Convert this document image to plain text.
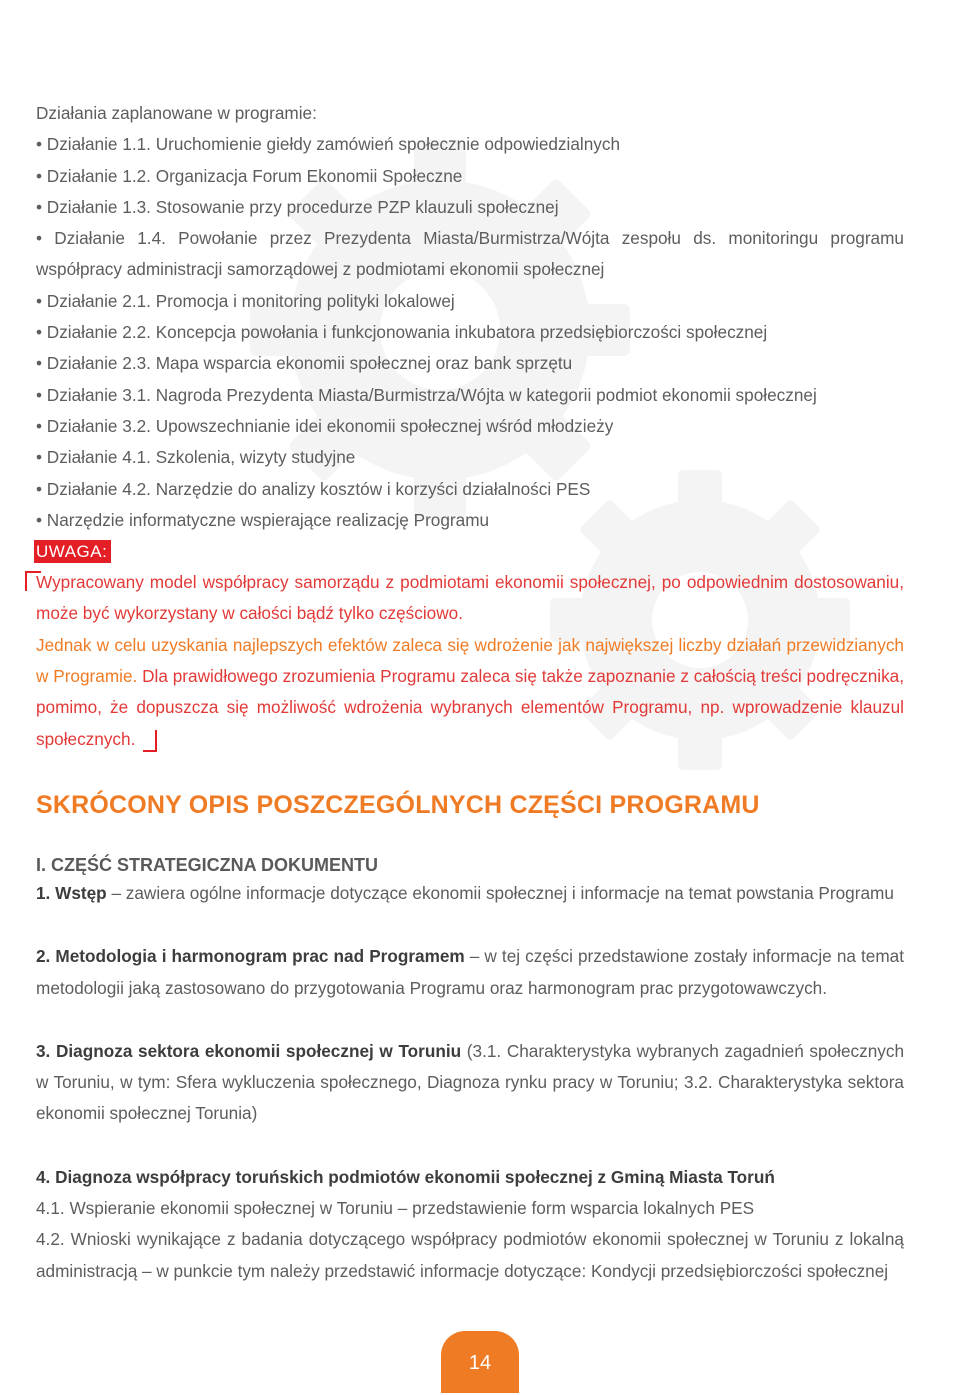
Działania zaplanowane w programie:
• Działanie 1.1. Uruchomienie giełdy zamówień społecznie odpowiedzialnych
• Działanie 1.2. Organizacja Forum Ekonomii Społeczne
• Działanie 1.3. Stosowanie przy procedurze PZP klauzuli społecznej
• Działanie 1.4. Powołanie przez Prezydenta Miasta/Burmistrza/Wójta zespołu ds. monitoringu programu współpracy administracji samorządowej z podmiotami ekonomii społecznej
• Działanie 2.1. Promocja i monitoring polityki lokalowej
• Działanie 2.2. Koncepcja powołania i funkcjonowania inkubatora przedsiębiorczości społecznej
• Działanie 2.3. Mapa wsparcia ekonomii społecznej oraz bank sprzętu
• Działanie 3.1. Nagroda Prezydenta Miasta/Burmistrza/Wójta w kategorii podmiot ekonomii społecznej
• Działanie 3.2. Upowszechnianie idei ekonomii społecznej wśród młodzieży
• Działanie 4.1. Szkolenia, wizyty studyjne
• Działanie 4.2. Narzędzie do analizy kosztów i korzyści działalności PES
• Narzędzie informatyczne wspierające realizację Programu
UWAGA:
Wypracowany model współpracy samorządu z podmiotami ekonomii społecznej, po odpowiednim dostosowaniu, może być wykorzystany w całości bądź tylko częściowo.
Jednak w celu uzyskania najlepszych efektów zaleca się wdrożenie jak największej liczby działań przewidzianych w Programie. Dla prawidłowego zrozumienia Programu zaleca się także zapoznanie z całością treści podręcznika, pomimo, że dopuszcza się możliwość wdrożenia wybranych elementów Programu, np. wprowadzenie klauzul społecznych.
SKRÓCONY OPIS POSZCZEGÓLNYCH CZĘŚCI PROGRAMU
I. CZĘŚĆ STRATEGICZNA DOKUMENTU
1. Wstęp – zawiera ogólne informacje dotyczące ekonomii społecznej i informacje na temat powstania Programu
2. Metodologia i harmonogram prac nad Programem – w tej części przedstawione zostały informacje na temat metodologii jaką zastosowano do przygotowania Programu oraz harmonogram prac przygotowawczych.
3. Diagnoza sektora ekonomii społecznej w Toruniu (3.1. Charakterystyka wybranych zagadnień społecznych w Toruniu, w tym: Sfera wykluczenia społecznego, Diagnoza rynku pracy w Toruniu; 3.2. Charakterystyka sektora ekonomii społecznej Torunia)
4. Diagnoza współpracy toruńskich podmiotów ekonomii społecznej z Gminą Miasta Toruń
4.1. Wspieranie ekonomii społecznej w Toruniu – przedstawienie form wsparcia lokalnych PES
4.2. Wnioski wynikające z badania dotyczącego współpracy podmiotów ekonomii społecznej w Toruniu z lokalną administracją – w punkcie tym należy przedstawić informacje dotyczące: Kondycji przedsiębiorczości społecznej
14
